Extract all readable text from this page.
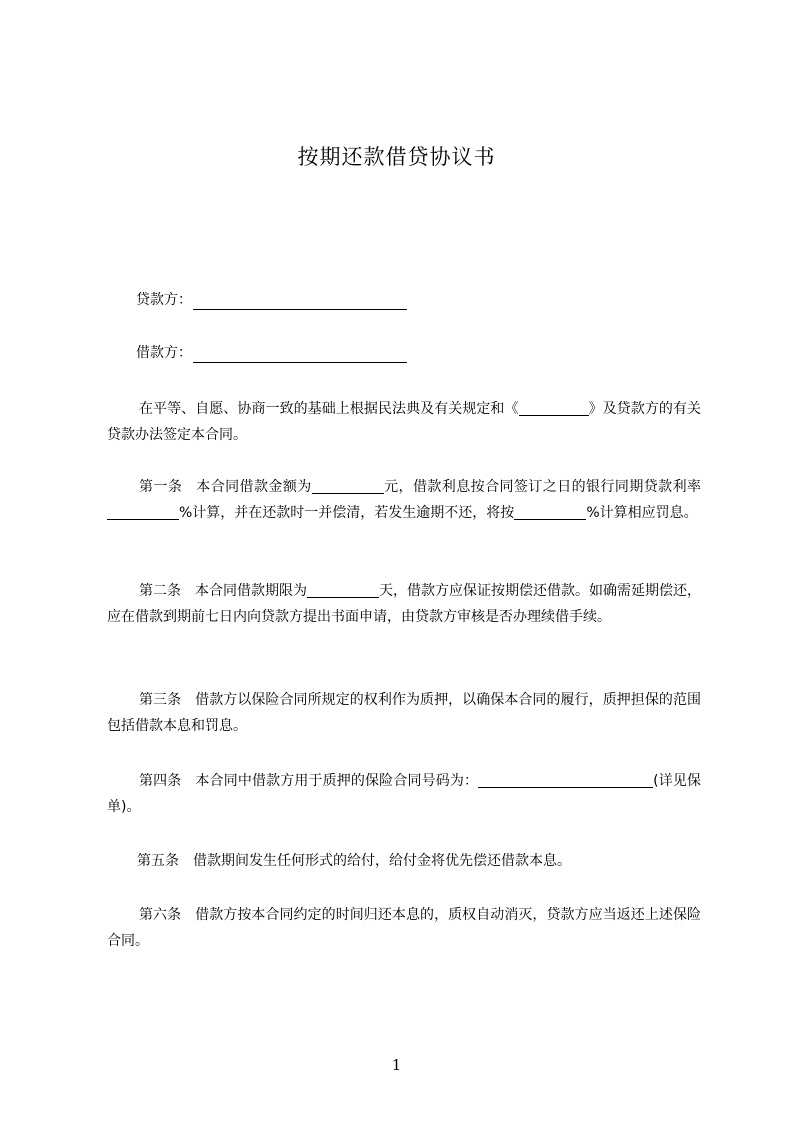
按期还款借贷协议书
贷款方：
借款方：
在平等、自愿、协商一致的基础上根据民法典及有关规定和《	》及贷款方的有关贷款办法签定本合同。
第一条 本合同借款金额为	元，借款利息按合同签订之日的银行同期贷款利率%计算，并在还款时一并偿清，若发生逾期不还，将按	%计算相应罚息。
第二条 本合同借款期限为	天，借款方应保证按期偿还借款。如确需延期偿还，应在借款到期前七日内向贷款方提出书面申请，由贷款方审核是否办理续借手续。
第三条 借款方以保险合同所规定的权利作为质押，以确保本合同的履行，质押担保的范围包括借款本息和罚息。
第四条 本合同中借款方用于质押的保险合同号码为：	(详见保单)。
第五条 借款期间发生任何形式的给付，给付金将优先偿还借款本息。
第六条 借款方按本合同约定的时间归还本息的，质权自动消灭，贷款方应当返还上述保险合同。
1
